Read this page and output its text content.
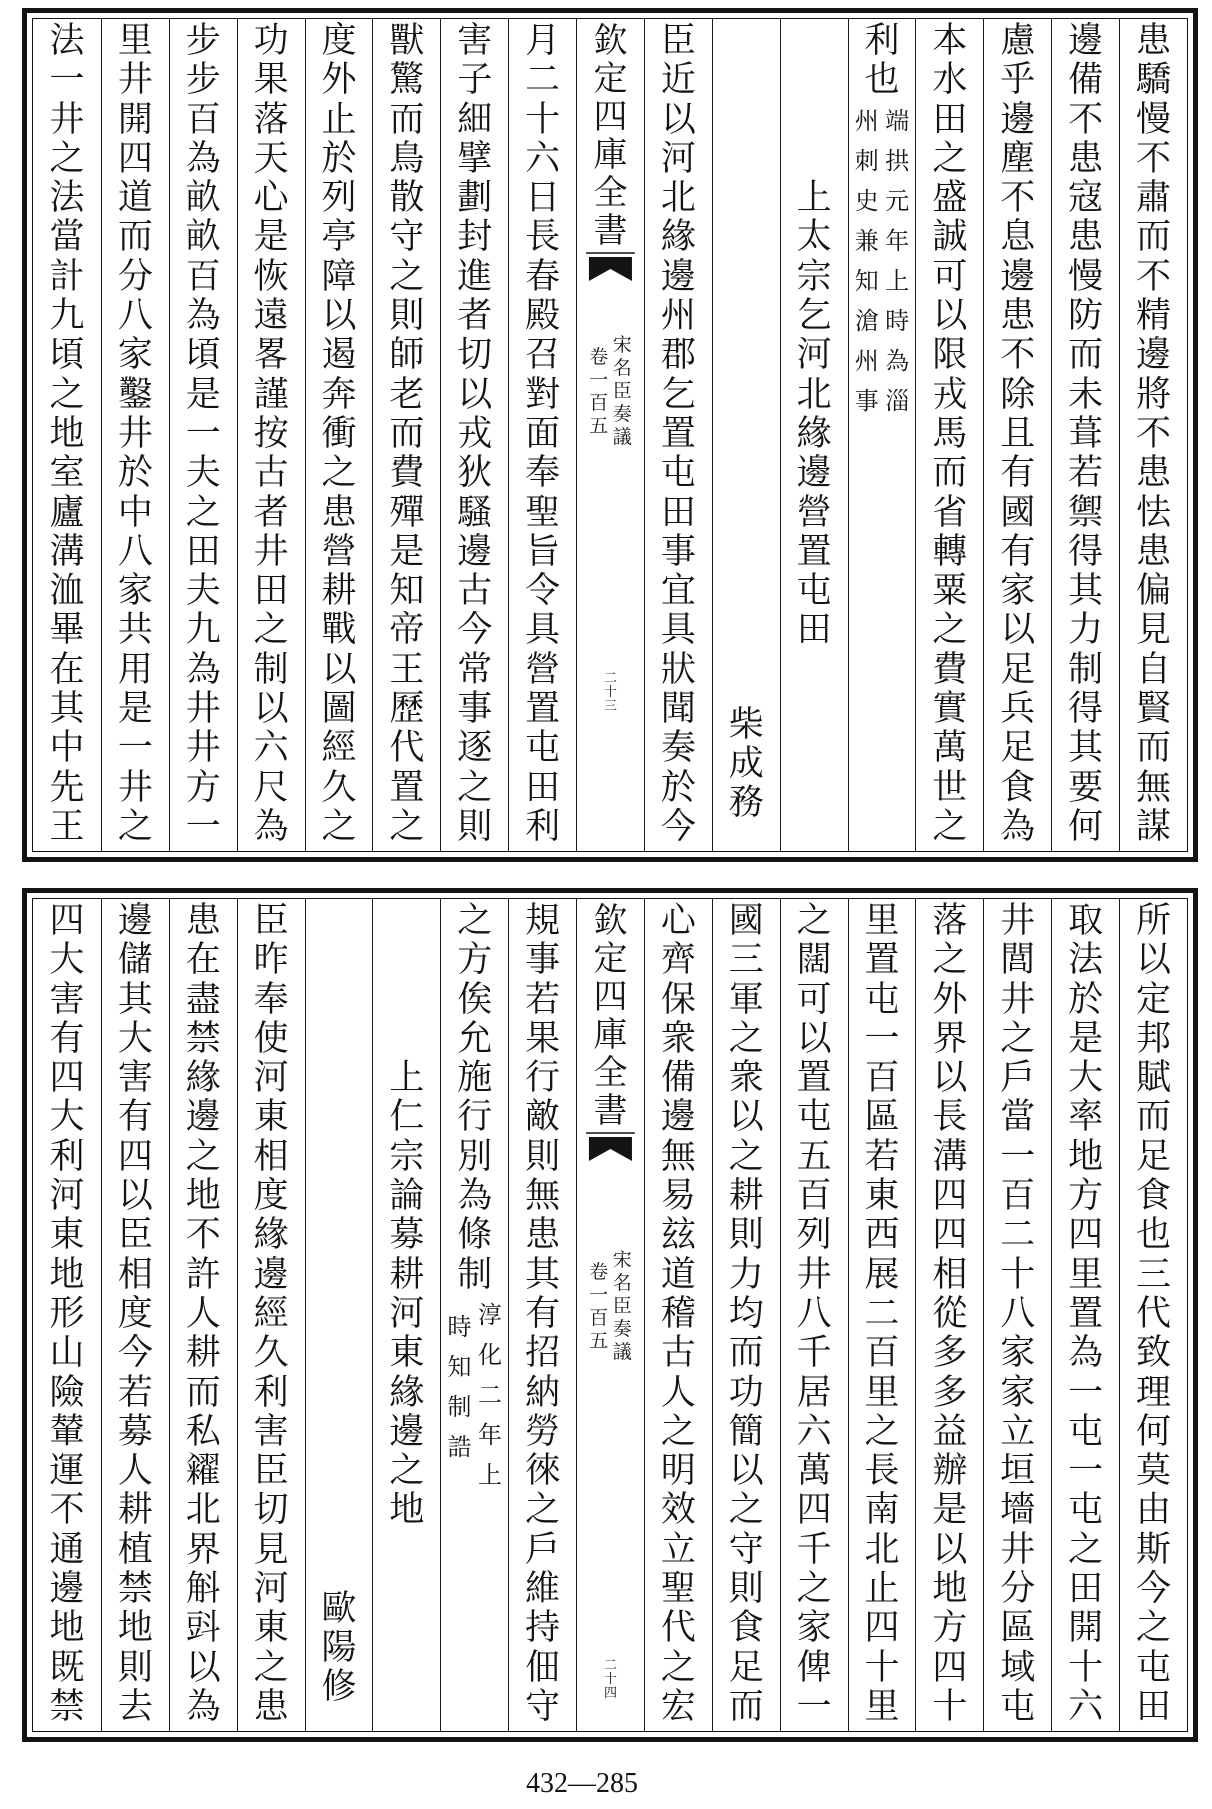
患
驕
慢
不
肅
而
不
精
邊
將
不
患
怯
患
偏
見
自
賢
而
無
謀
邊
備
不
患
寇
患
慢
防
而
未
葺
若
禦
得
其
力
制
得
其
要
何
慮
乎
邊
塵
不
息
邊
患
不
除
且
有
國
有
家
以
足
兵
足
食
為
本
水
田
之
盛
誠
可
以
限
戎
馬
而
省
轉
粟
之
費
實
萬
世
之
利
也
端
拱
元
年
上
時
為
淄
州
刺
史
兼
知
滄
州
事
上
太
宗
乞
河
北
緣
邊
營
置
屯
田
柴
成
務
臣
近
以
河
北
緣
邊
州
郡
乞
置
屯
田
事
宜
具
狀
聞
奏
於
今
欽
定
四
庫
全
書
宋
名
臣
奏
議
卷
一
百
五
二
十
三
月
二
十
六
日
長
春
殿
召
對
面
奉
聖
旨
令
具
營
置
屯
田
利
害
子
細
擘
劃
封
進
者
切
以
戎
狄
騷
邊
古
今
常
事
逐
之
則
獸
驚
而
鳥
散
守
之
則
師
老
而
費
殫
是
知
帝
王
歷
代
置
之
度
外
止
於
列
亭
障
以
遏
奔
衝
之
患
營
耕
戰
以
圖
經
久
之
功
果
落
天
心
是
恢
遠
畧
謹
按
古
者
井
田
之
制
以
六
尺
為
步
步
百
為
畝
畝
百
為
頃
是
一
夫
之
田
夫
九
為
井
井
方
一
里
井
開
四
道
而
分
八
家
鑿
井
於
中
八
家
共
用
是
一
井
之
法
一
井
之
法
當
計
九
頃
之
地
室
廬
溝
洫
畢
在
其
中
先
王
所
以
定
邦
賦
而
足
食
也
三
代
致
理
何
莫
由
斯
今
之
屯
田
取
法
於
是
大
率
地
方
四
里
置
為
一
屯
一
屯
之
田
開
十
六
井
閭
井
之
戶
當
一
百
二
十
八
家
家
立
垣
墻
井
分
區
域
屯
落
之
外
界
以
長
溝
四
四
相
從
多
多
益
辦
是
以
地
方
四
十
里
置
屯
一
百
區
若
東
西
展
二
百
里
之
長
南
北
止
四
十
里
之
闊
可
以
置
屯
五
百
列
井
八
千
居
六
萬
四
千
之
家
俾
一
國
三
軍
之
衆
以
之
耕
則
力
均
而
功
簡
以
之
守
則
食
足
而
心
齊
保
衆
備
邊
無
易
玆
道
稽
古
人
之
明
效
立
聖
代
之
宏
欽
定
四
庫
全
書
宋
名
臣
奏
議
卷
一
百
五
二
十
四
規
事
若
果
行
敵
則
無
患
其
有
招
納
勞
徠
之
戶
維
持
佃
守
之
方
俟
允
施
行
別
為
條
制
淳
化
二
年
上
時
知
制
誥
上
仁
宗
論
募
耕
河
東
緣
邊
之
地
歐
陽
修
臣
昨
奉
使
河
東
相
度
緣
邊
經
久
利
害
臣
切
見
河
東
之
患
患
在
盡
禁
緣
邊
之
地
不
許
人
耕
而
私
糴
北
界
斛
㪷
以
為
邊
儲
其
大
害
有
四
以
臣
相
度
今
若
募
人
耕
植
禁
地
則
去
四
大
害
有
四
大
利
河
東
地
形
山
險
輦
運
不
通
邊
地
既
禁
432—285
